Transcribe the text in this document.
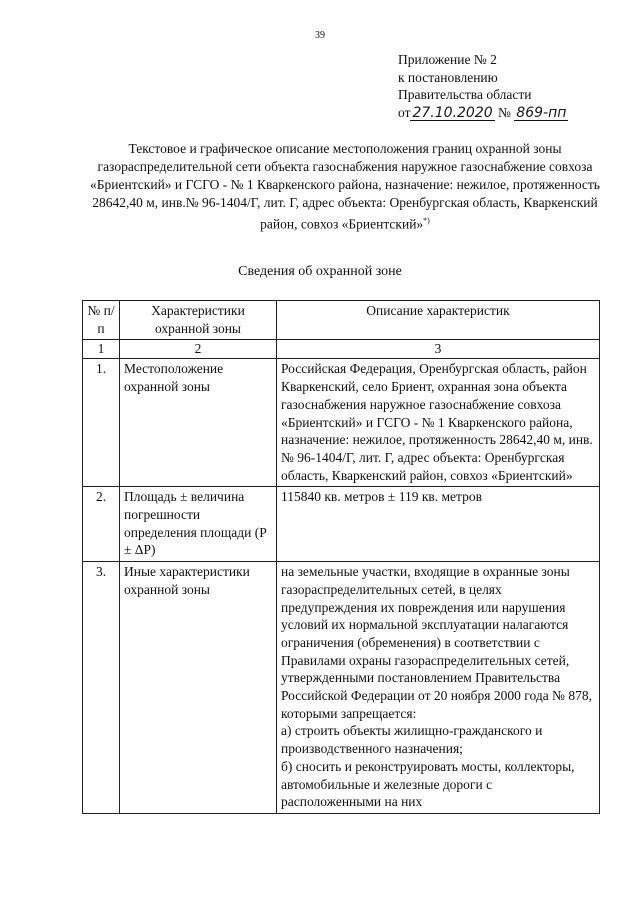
39
Приложение № 2
к постановлению
Правительства области
от 27.10.2020 № 869-пп
Текстовое и графическое описание местоположения границ охранной зоны газораспределительной сети объекта газоснабжения наружное газоснабжение совхоза «Бриентский» и ГСГО - № 1 Кваркенского района, назначение: нежилое, протяженность 28642,40 м, инв.№ 96-1404/Г, лит. Г, адрес объекта: Оренбургская область, Кваркенский район, совхоз «Бриентский»*)
Сведения об охранной зоне
№ п/п	Характеристики охранной зоны	Описание характеристик
1	2	3
1.	Местоположение охранной зоны	Российская Федерация, Оренбургская область, район Кваркенский, село Бриент, охранная зона объекта газоснабжения наружное газоснабжение совхоза «Бриентский» и ГСГО - № 1 Кваркенского района, назначение: нежилое, протяженность 28642,40 м, инв.№ 96-1404/Г, лит. Г, адрес объекта: Оренбургская область, Кваркенский район, совхоз «Бриентский»
2.	Площадь ± величина погрешности определения площади (P ± ΔP)	115840 кв. метров ± 119 кв. метров
3.	Иные характеристики охранной зоны	на земельные участки, входящие в охранные зоны газораспределительных сетей, в целях предупреждения их повреждения или нарушения условий их нормальной эксплуатации налагаются ограничения (обременения) в соответствии с Правилами охраны газораспределительных сетей, утвержденными постановлением Правительства Российской Федерации от 20 ноября 2000 года № 878, которыми запрещается:
а) строить объекты жилищно-гражданского и производственного назначения;
б) сносить и реконструировать мосты, коллекторы, автомобильные и железные дороги с расположенными на них
